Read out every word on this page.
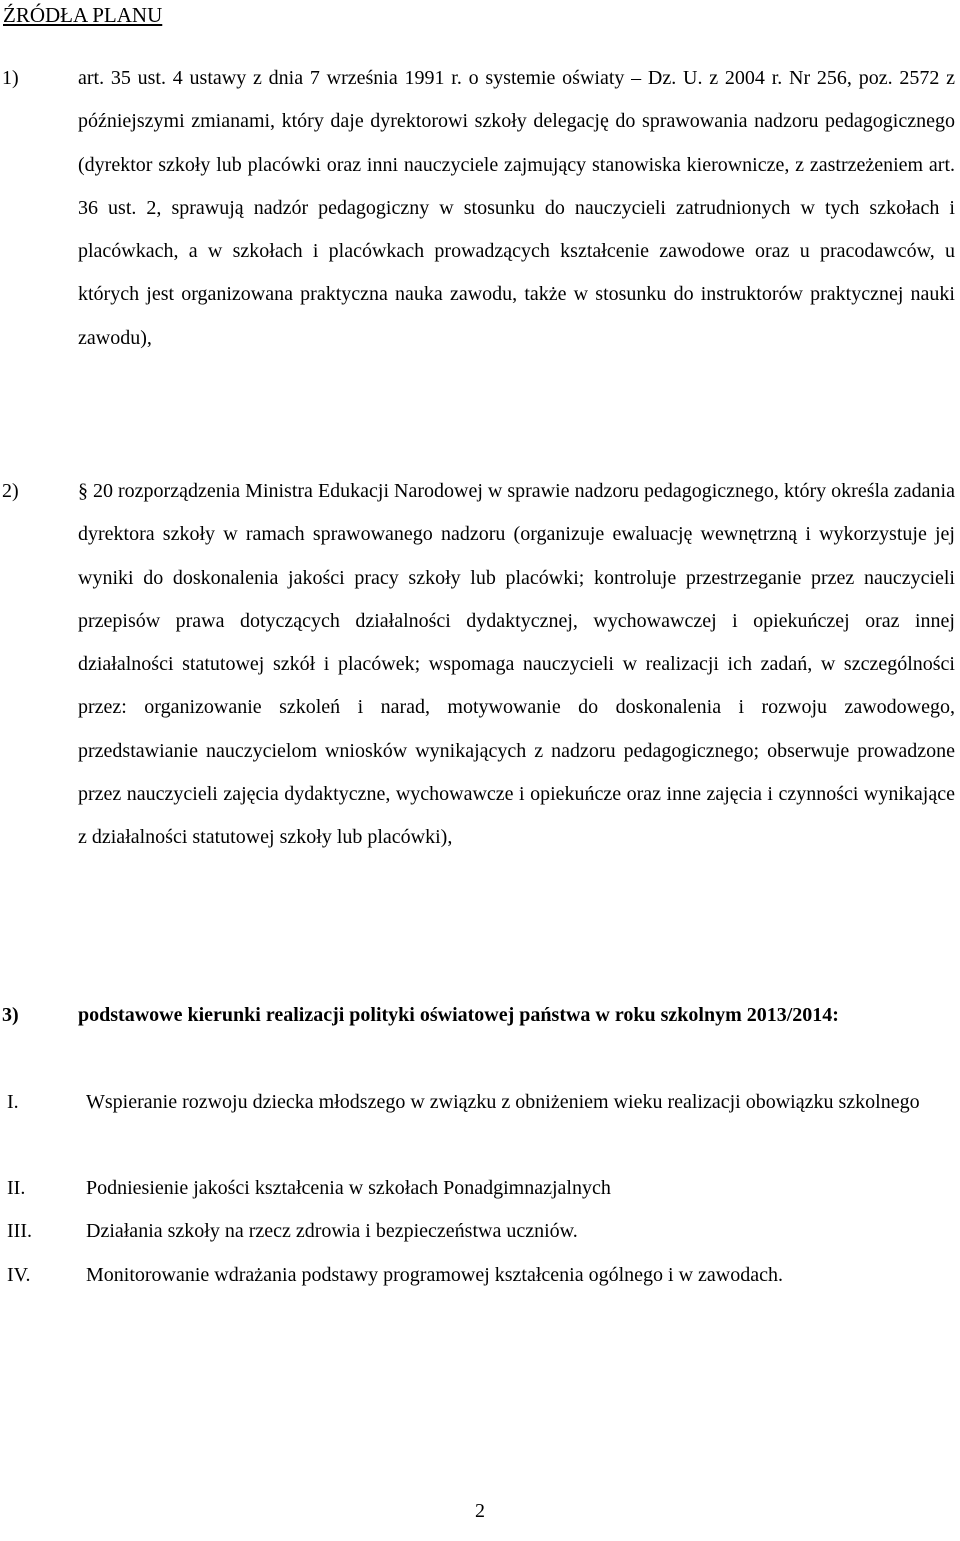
ŹRÓDŁA PLANU

1)	art. 35 ust. 4 ustawy z dnia 7 września 1991 r. o systemie oświaty – Dz. U. z 2004 r. Nr 256, poz. 2572 z późniejszymi zmianami, który daje dyrektorowi szkoły delegację do sprawowania nadzoru pedagogicznego (dyrektor szkoły lub placówki oraz inni nauczyciele zajmujący stanowiska kierownicze, z zastrzeżeniem art. 36 ust. 2, sprawują nadzór pedagogiczny w stosunku do nauczycieli zatrudnionych w tych szkołach i placówkach, a w szkołach i placówkach prowadzących kształcenie zawodowe oraz u pracodawców, u których jest organizowana praktyczna nauka zawodu, także w stosunku do instruktorów praktycznej nauki zawodu),

2)	§ 20 rozporządzenia Ministra Edukacji Narodowej w sprawie nadzoru pedagogicznego, który określa zadania dyrektora szkoły w ramach sprawowanego nadzoru (organizuje ewaluację wewnętrzną i wykorzystuje jej wyniki do doskonalenia jakości pracy szkoły lub placówki; kontroluje przestrzeganie przez nauczycieli przepisów prawa dotyczących działalności dydaktycznej, wychowawczej i opiekuńczej oraz innej działalności statutowej szkół i placówek; wspomaga nauczycieli w realizacji ich zadań, w szczególności przez: organizowanie szkoleń i narad, motywowanie do doskonalenia i rozwoju zawodowego, przedstawianie nauczycielom wniosków wynikających z nadzoru pedagogicznego; obserwuje prowadzone przez nauczycieli zajęcia dydaktyczne, wychowawcze i opiekuńcze oraz inne zajęcia i czynności wynikające z działalności statutowej szkoły lub placówki),

3)	podstawowe kierunki realizacji polityki oświatowej państwa w roku szkolnym 2013/2014:

I.	Wspieranie rozwoju dziecka młodszego w związku z obniżeniem wieku realizacji obowiązku szkolnego

II.	Podniesienie jakości kształcenia w szkołach Ponadgimnazjalnych

III.	Działania szkoły na rzecz zdrowia i bezpieczeństwa uczniów.

IV.	Monitorowanie wdrażania podstawy programowej kształcenia ogólnego i w zawodach.

2
